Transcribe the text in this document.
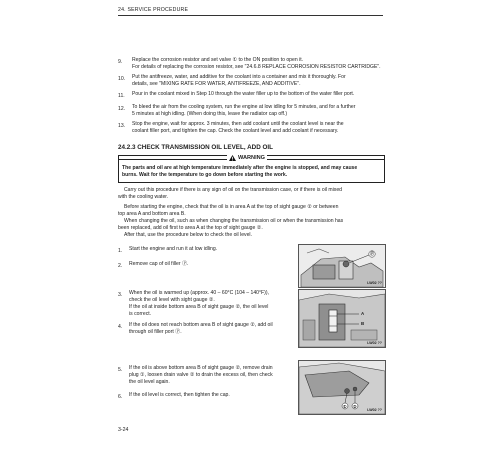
24. SERVICE PROCEDURE
9. Replace the corrosion resistor and set valve ① to the ON position to open it.
For details of replacing the corrosion resistor, see "24.6.8 REPLACE CORROSION RESISTOR CARTRIDGE".
10. Put the antifreeze, water, and additive for the coolant into a container and mix it thoroughly. For
details, see "MIXING RATE FOR WATER, ANTIFREEZE, AND ADDITIVE".
11. Pour in the coolant mixed in Step 10 through the water filler up to the bottom of the water filler port.
12. To bleed the air from the cooling system, run the engine at low idling for 5 minutes, and for a further
5 minutes at high idling. (When doing this, leave the radiator cap off.)
13. Stop the engine, wait for approx. 3 minutes, then add coolant until the coolant level is near the
coolant filler port, and tighten the cap. Check the coolant level and add coolant if necessary.
24.2.3 CHECK TRANSMISSION OIL LEVEL, ADD OIL
WARNING
The parts and oil are at high temperature immediately after the engine is stopped, and may cause
burns. Wait for the temperature to go down before starting the work.
Carry out this procedure if there is any sign of oil on the transmission case, or if there is oil mixed
with the cooling water.
Before starting the engine, check that the oil is in area A at the top of sight gauge ② or between
top area A and bottom area B.
When changing the oil, such as when changing the transmission oil or when the transmission has
been replaced, add oil first to area A at the top of sight gauge ②.
After that, use the procedure below to check the oil level.
1. Start the engine and run it at low idling.
2. Remove cap of oil filler Ⓟ.
3. When the oil is warmed up (approx. 40 – 60°C (104 – 140°F)),
check the oil level with sight gauge ②.
If the oil at inside bottom area B of sight gauge ②, the oil level
is correct.
4. If the oil does not reach bottom area B of sight gauge ②, add oil
through oil filler port Ⓟ.
5. If the oil is above bottom area B of sight gauge ②, remove drain
plug ①, loosen drain valve ② to drain the excess oil, then check
the oil level again.
6. If the oil level is correct, then tighten the cap.
Ⓟ
LW02 ??
A
B
LW02 ??
① ②
LW02 ??
3-24
